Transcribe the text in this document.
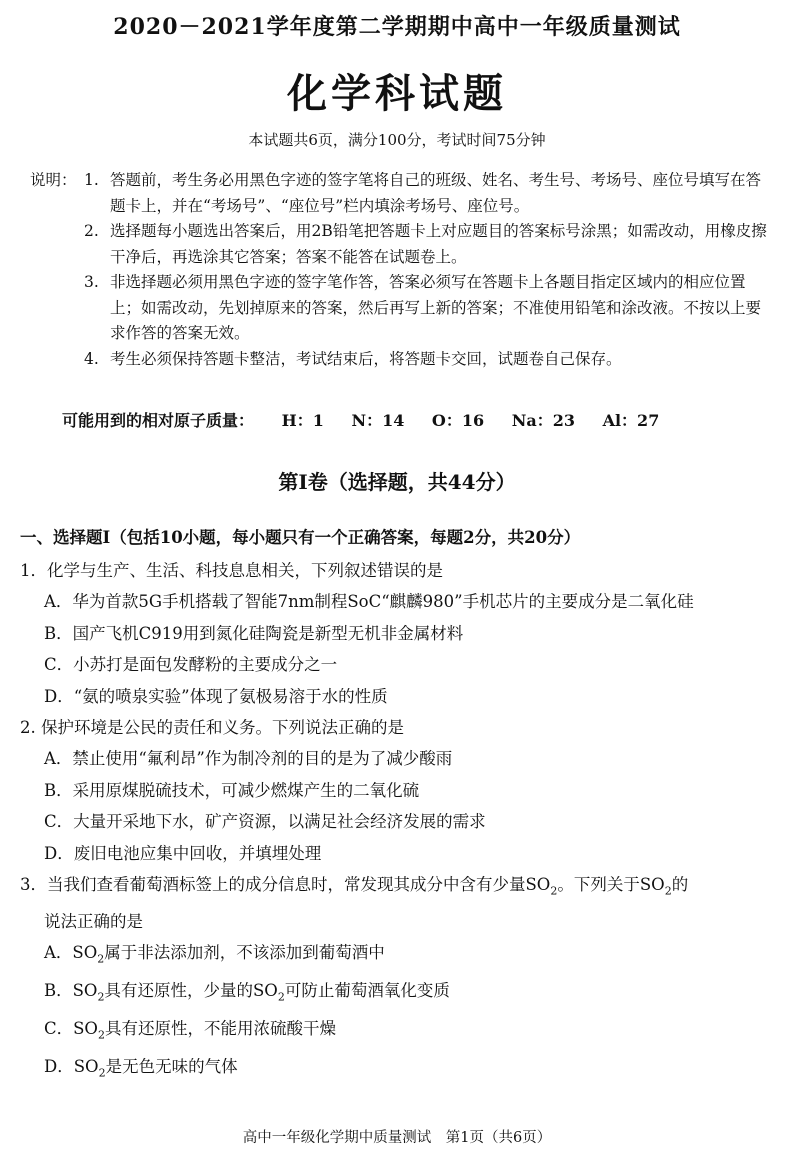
2020－2021学年度第二学期期中高中一年级质量测试
化学科试题
本试题共6页，满分100分，考试时间75分钟
说明： 1. 答题前，考生务必用黑色字迹的签字笔将自己的班级、姓名、考生号、考场号、座位号填写在答题卡上，并在“考场号”、“座位号”栏内填涂考场号、座位号。
2. 选择题每小题选出答案后，用2B铅笔把答题卡上对应题目的答案标号涂黑；如需改动，用橡皮擦干净后，再选涂其它答案；答案不能答在试题卷上。
3. 非选择题必须用黑色字迹的签字笔作答，答案必须写在答题卡上各题目指定区域内的相应位置上；如需改动，先划掉原来的答案，然后再写上新的答案；不准使用铅笔和涂改液。不按以上要求作答的答案无效。
4. 考生必须保持答题卡整洁，考试结束后，将答题卡交回，试题卷自己保存。
可能用到的相对原子质量： H：1 N：14 O：16 Na：23 Al：27
第Ⅰ卷（选择题，共44分）
一、选择题Ⅰ（包括10小题，每小题只有一个正确答案，每题2分，共20分）
1．化学与生产、生活、科技息息相关，下列叙述错误的是
A．华为首款5G手机搭载了智能7nm制程SoC“麒麟980”手机芯片的主要成分是二氧化硅
B．国产飞机C919用到氮化硅陶瓷是新型无机非金属材料
C．小苏打是面包发酵粉的主要成分之一
D．“氨的喷泉实验”体现了氨极易溶于水的性质
2. 保护环境是公民的责任和义务。下列说法正确的是
A．禁止使用“氟利昂”作为制冷剂的目的是为了减少酸雨
B．采用原煤脱硫技术，可减少燃煤产生的二氧化硫
C．大量开采地下水，矿产资源，以满足社会经济发展的需求
D．废旧电池应集中回收，并填埋处理
3．当我们查看葡萄酒标签上的成分信息时，常发现其成分中含有少量$SO_2$。下列关于$SO_2$的
说法正确的是
A．$SO_2$属于非法添加剂，不该添加到葡萄酒中
B．$SO_2$具有还原性，少量的$SO_2$可防止葡萄酒氧化变质
C．$SO_2$具有还原性，不能用浓硫酸干燥
D．$SO_2$是无色无味的气体
高中一年级化学期中质量测试　第1页（共6页）
